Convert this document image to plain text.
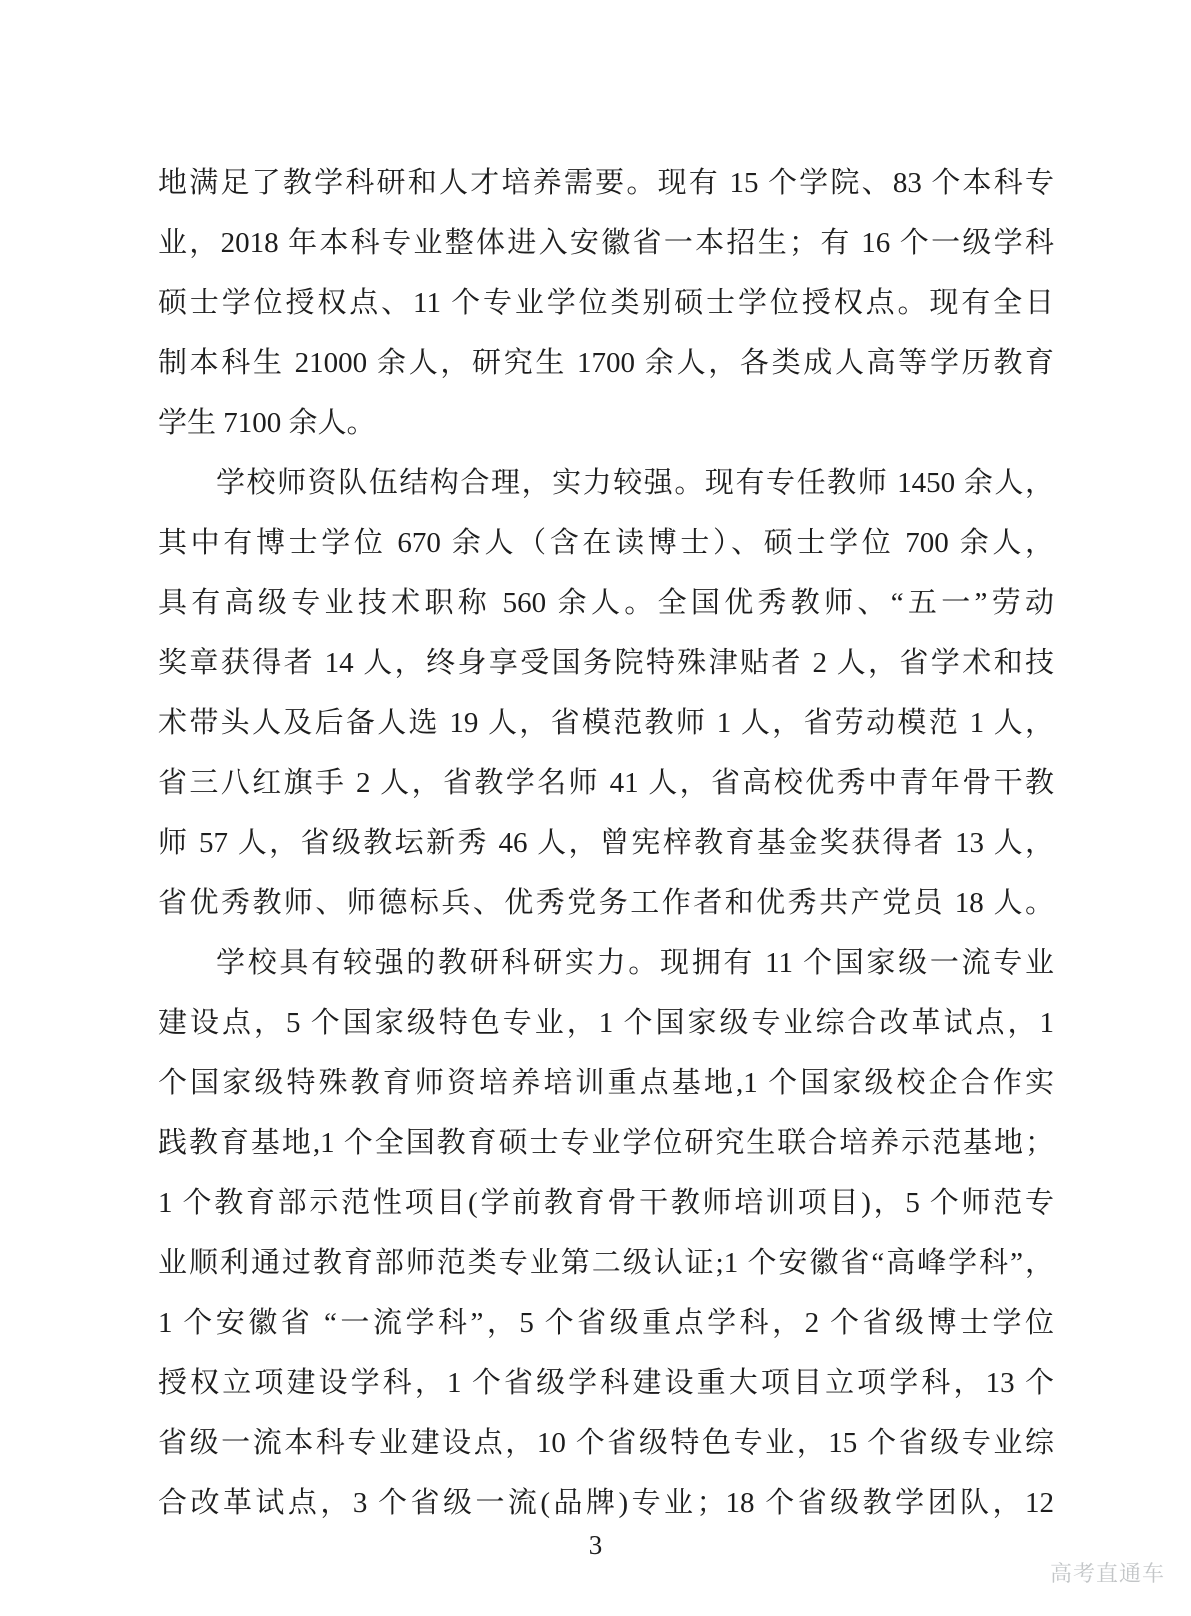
地满足了教学科研和人才培养需要。现有 15 个学院、83 个本科专
业，2018 年本科专业整体进入安徽省一本招生；有 16 个一级学科
硕士学位授权点、11 个专业学位类别硕士学位授权点。现有全日
制本科生 21000 余人，研究生 1700 余人，各类成人高等学历教育
学生 7100 余人。
学校师资队伍结构合理，实力较强。现有专任教师 1450 余人，
其中有博士学位 670 余人（含在读博士）、硕士学位 700 余人，
具有高级专业技术职称 560 余人。全国优秀教师、“五一”劳动
奖章获得者 14 人，终身享受国务院特殊津贴者 2 人，省学术和技
术带头人及后备人选 19 人，省模范教师 1 人，省劳动模范 1 人，
省三八红旗手 2 人，省教学名师 41 人，省高校优秀中青年骨干教
师 57 人，省级教坛新秀 46 人，曾宪梓教育基金奖获得者 13 人，
省优秀教师、师德标兵、优秀党务工作者和优秀共产党员 18 人。
学校具有较强的教研科研实力。现拥有 11 个国家级一流专业
建设点，5 个国家级特色专业，1 个国家级专业综合改革试点，1
个国家级特殊教育师资培养培训重点基地,1 个国家级校企合作实
践教育基地,1 个全国教育硕士专业学位研究生联合培养示范基地；
1 个教育部示范性项目(学前教育骨干教师培训项目)，5 个师范专
业顺利通过教育部师范类专业第二级认证;1 个安徽省“高峰学科”，
1 个安徽省 “一流学科”，5 个省级重点学科，2 个省级博士学位
授权立项建设学科，1 个省级学科建设重大项目立项学科，13 个
省级一流本科专业建设点，10 个省级特色专业，15 个省级专业综
合改革试点，3 个省级一流(品牌)专业；18 个省级教学团队，12
3
高考直通车
